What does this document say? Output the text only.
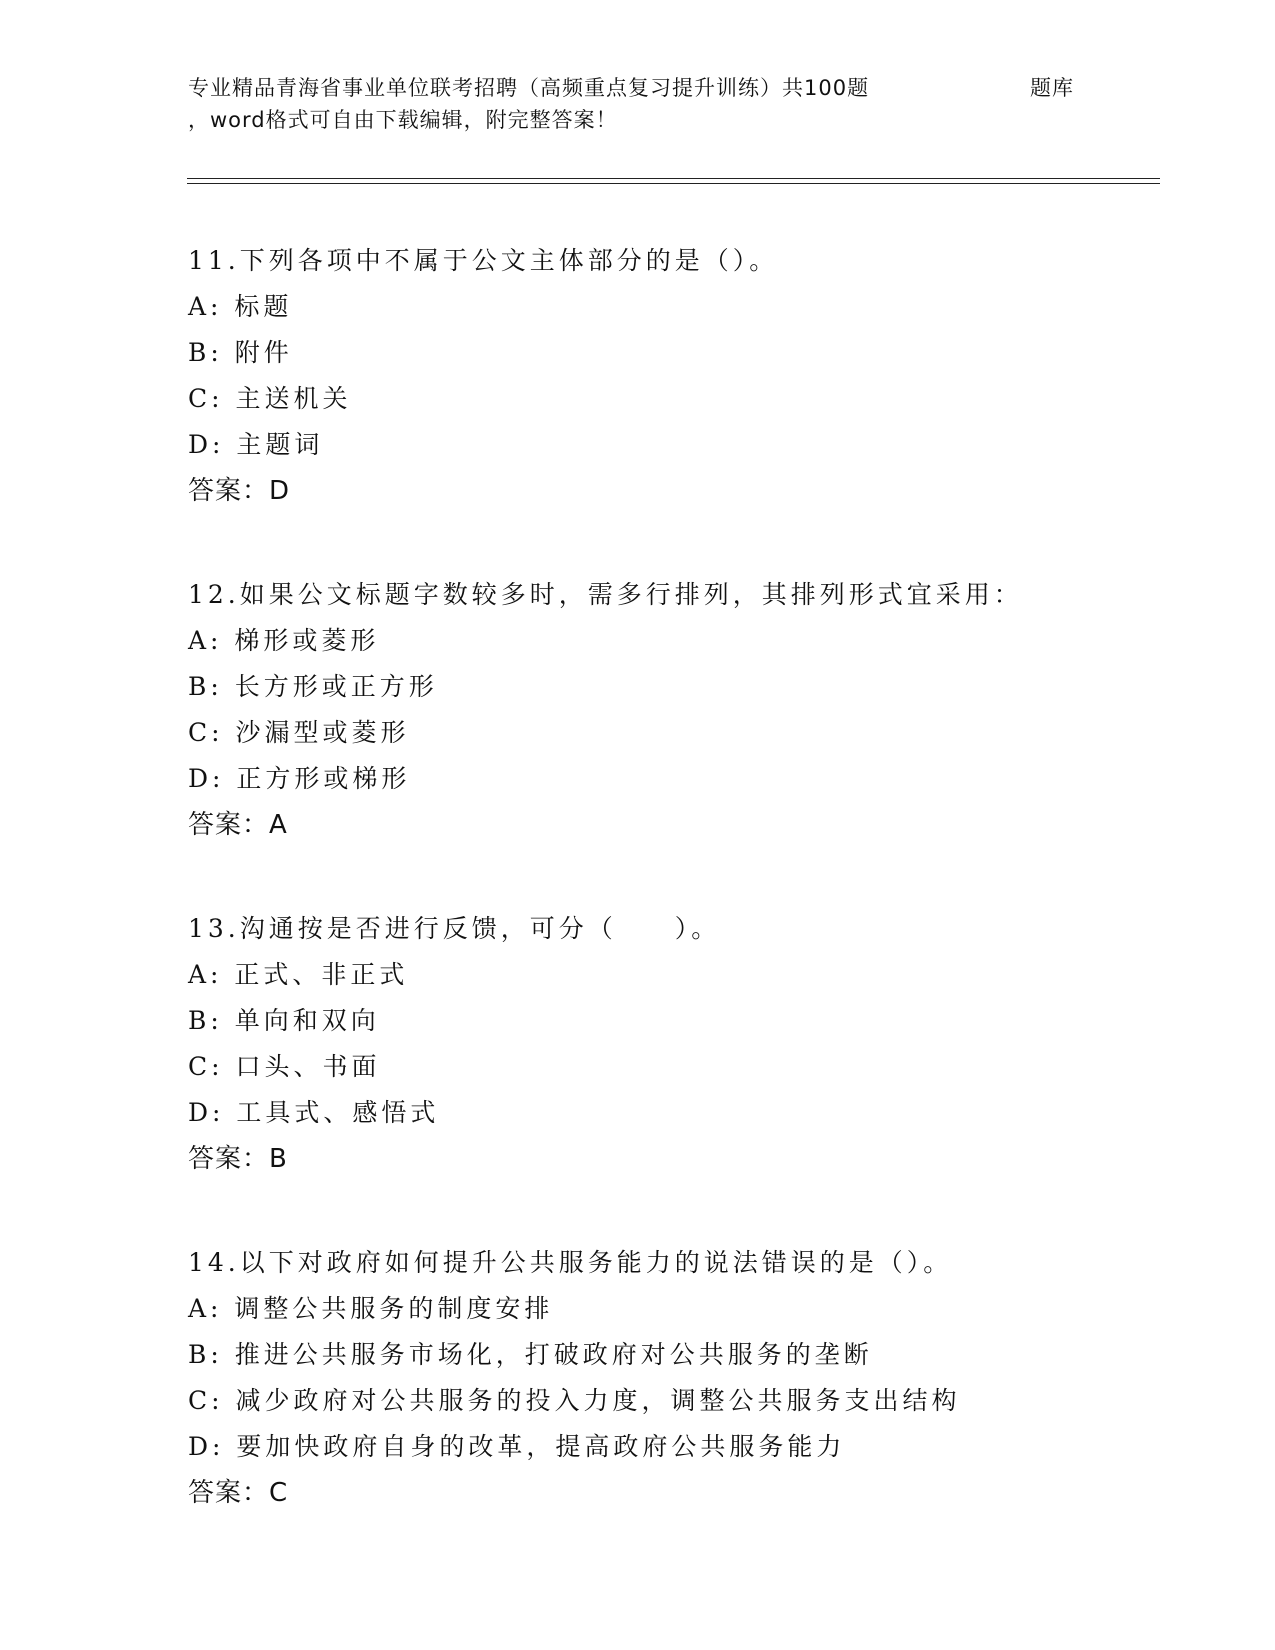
专业精品青海省事业单位联考招聘（高频重点复习提升训练）共100题	题库
，word格式可自由下载编辑，附完整答案！
11.下列各项中不属于公文主体部分的是（）。
A: 标题
B: 附件
C: 主送机关
D: 主题词
答案：D
12.如果公文标题字数较多时，需多行排列，其排列形式宜采用：
A: 梯形或菱形
B: 长方形或正方形
C: 沙漏型或菱形
D: 正方形或梯形
答案：A
13.沟通按是否进行反馈，可分（　　）。
A: 正式、非正式
B: 单向和双向
C: 口头、书面
D: 工具式、感悟式
答案：B
14.以下对政府如何提升公共服务能力的说法错误的是（）。
A: 调整公共服务的制度安排
B: 推进公共服务市场化，打破政府对公共服务的垄断
C: 减少政府对公共服务的投入力度，调整公共服务支出结构
D: 要加快政府自身的改革，提高政府公共服务能力
答案：C
